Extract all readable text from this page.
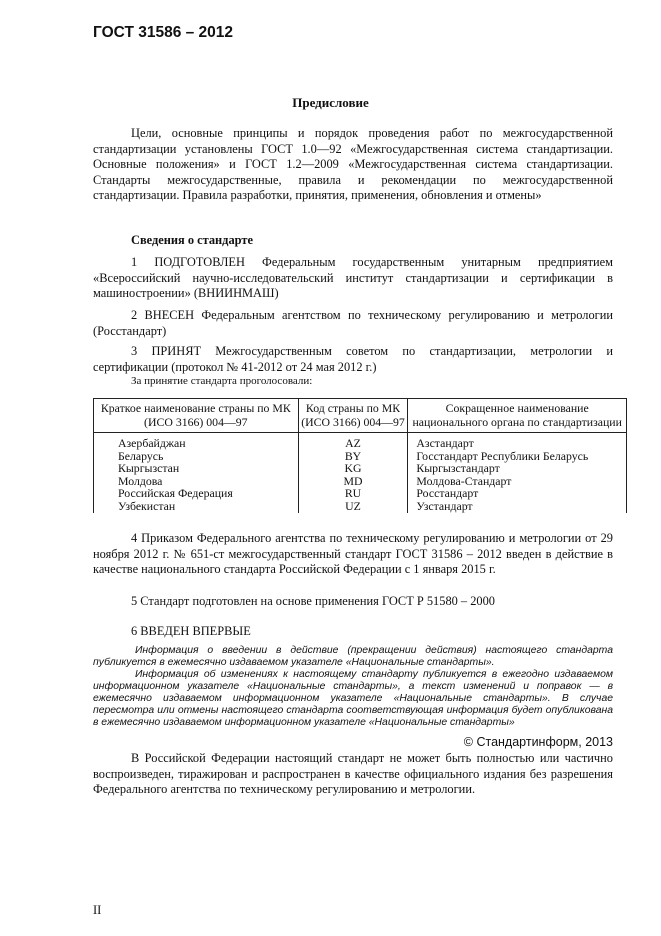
ГОСТ 31586 – 2012
Предисловие
Цели, основные принципы и порядок проведения работ по межгосударственной стандартизации установлены ГОСТ 1.0—92 «Межгосударственная система стандартизации. Основные положения» и ГОСТ 1.2—2009 «Межгосударственная система стандартизации. Стандарты межгосударственные, правила и рекомендации по межгосударственной стандартизации. Правила разработки, принятия, применения, обновления и отмены»
Сведения о стандарте
1 ПОДГОТОВЛЕН Федеральным государственным унитарным предприятием «Всероссийский научно-исследовательский институт стандартизации и сертификации в машиностроении» (ВНИИНМАШ)
2 ВНЕСЕН Федеральным агентством по техническому регулированию и метрологии (Росстандарт)
3 ПРИНЯТ Межгосударственным советом по стандартизации, метрологии и сертификации (протокол № 41-2012 от 24 мая 2012 г.)
За принятие стандарта проголосовали:
Краткое наименование страны по МК (ИСО 3166) 004—97	Код страны по МК (ИСО 3166) 004—97	Сокращенное наименование национального органа по стандартизации
Азербайджан	AZ	Азстандарт
Беларусь	BY	Госстандарт Республики Беларусь
Кыргызстан	KG	Кыргызстандарт
Молдова	MD	Молдова-Стандарт
Российская Федерация	RU	Росстандарт
Узбекистан	UZ	Узстандарт
4 Приказом Федерального агентства по техническому регулированию и метрологии от 29 ноября 2012 г. № 651-ст межгосударственный стандарт ГОСТ 31586 – 2012 введен в действие в качестве национального стандарта Российской Федерации с 1 января 2015 г.
5 Стандарт подготовлен на основе применения ГОСТ Р 51580 – 2000
6 ВВЕДЕН ВПЕРВЫЕ
Информация о введении в действие (прекращении действия) настоящего стандарта публикуется в ежемесячно издаваемом указателе «Национальные стандарты».
Информация об изменениях к настоящему стандарту публикуется в ежегодно издаваемом информационном указателе «Национальные стандарты», а текст изменений и поправок — в ежемесячно издаваемом информационном указателе «Национальные стандарты». В случае пересмотра или отмены настоящего стандарта соответствующая информация будет опубликована в ежемесячно издаваемом информационном указателе «Национальные стандарты»
© Стандартинформ, 2013
В Российской Федерации настоящий стандарт не может быть полностью или частично воспроизведен, тиражирован и распространен в качестве официального издания без разрешения Федерального агентства по техническому регулированию и метрологии.
II
